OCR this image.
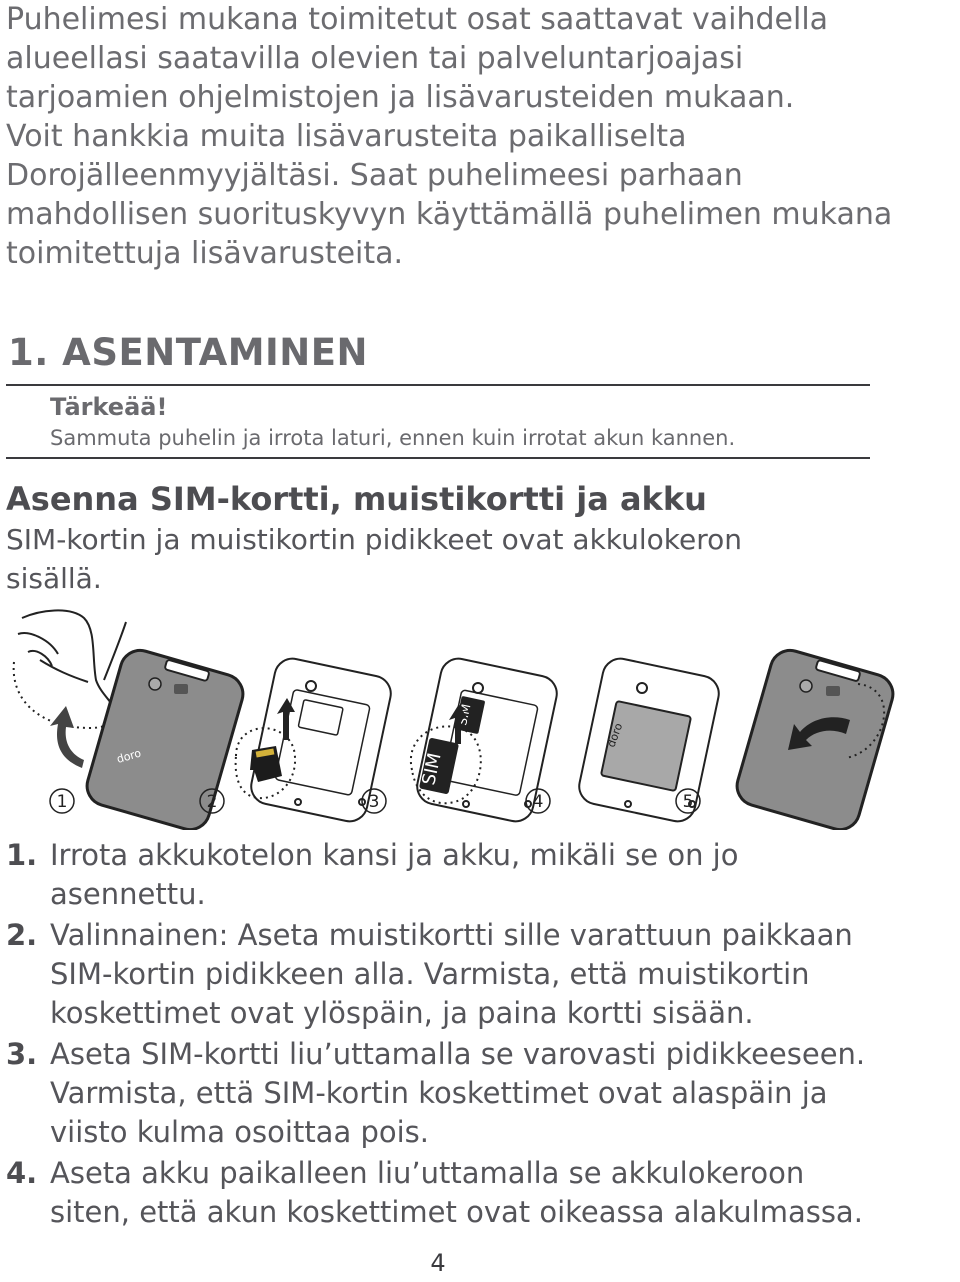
Puhelimesi mukana toimitetut osat saattavat vaihdella
alueellasi saatavilla olevien tai palveluntarjoajasi
tarjoamien ohjelmistojen ja lisävarusteiden mukaan.
Voit hankkia muita lisävarusteita paikalliselta
Dorojälleenmyyjältäsi. Saat puhelimeesi parhaan
mahdollisen suorituskyvyn käyttämällä puhelimen mukana
toimitettuja lisävarusteita.

1. ASENTAMINEN
Tärkeää!

Sammuta puhelin ja irrota laturi, ennen kuin irrotat akun kannen.

Asenna SIM-kortti, muistikortti ja akku

SIM-kortin ja muistikortin pidikkeet ovat akkulokeron
sisällä.

doro	SIM
doro
1	2	3	4	5
1. Irrota akkukotelon kansi ja akku, mikäli se on jo
asennettu.
2. Valinnainen: Aseta muistikortti sille varattuun paikkaan
SIM-kortin pidikkeen alla. Varmista, että muistikortin
koskettimet ovat ylöspäin, ja paina kortti sisään.
3. Aseta SIM-kortti liu’uttamalla se varovasti pidikkeeseen.
Varmista, että SIM-kortin koskettimet ovat alaspäin ja
viisto kulma osoittaa pois.
4. Aseta akku paikalleen liu’uttamalla se akkulokeroon
siten, että akun koskettimet ovat oikeassa alakulmassa.
4
